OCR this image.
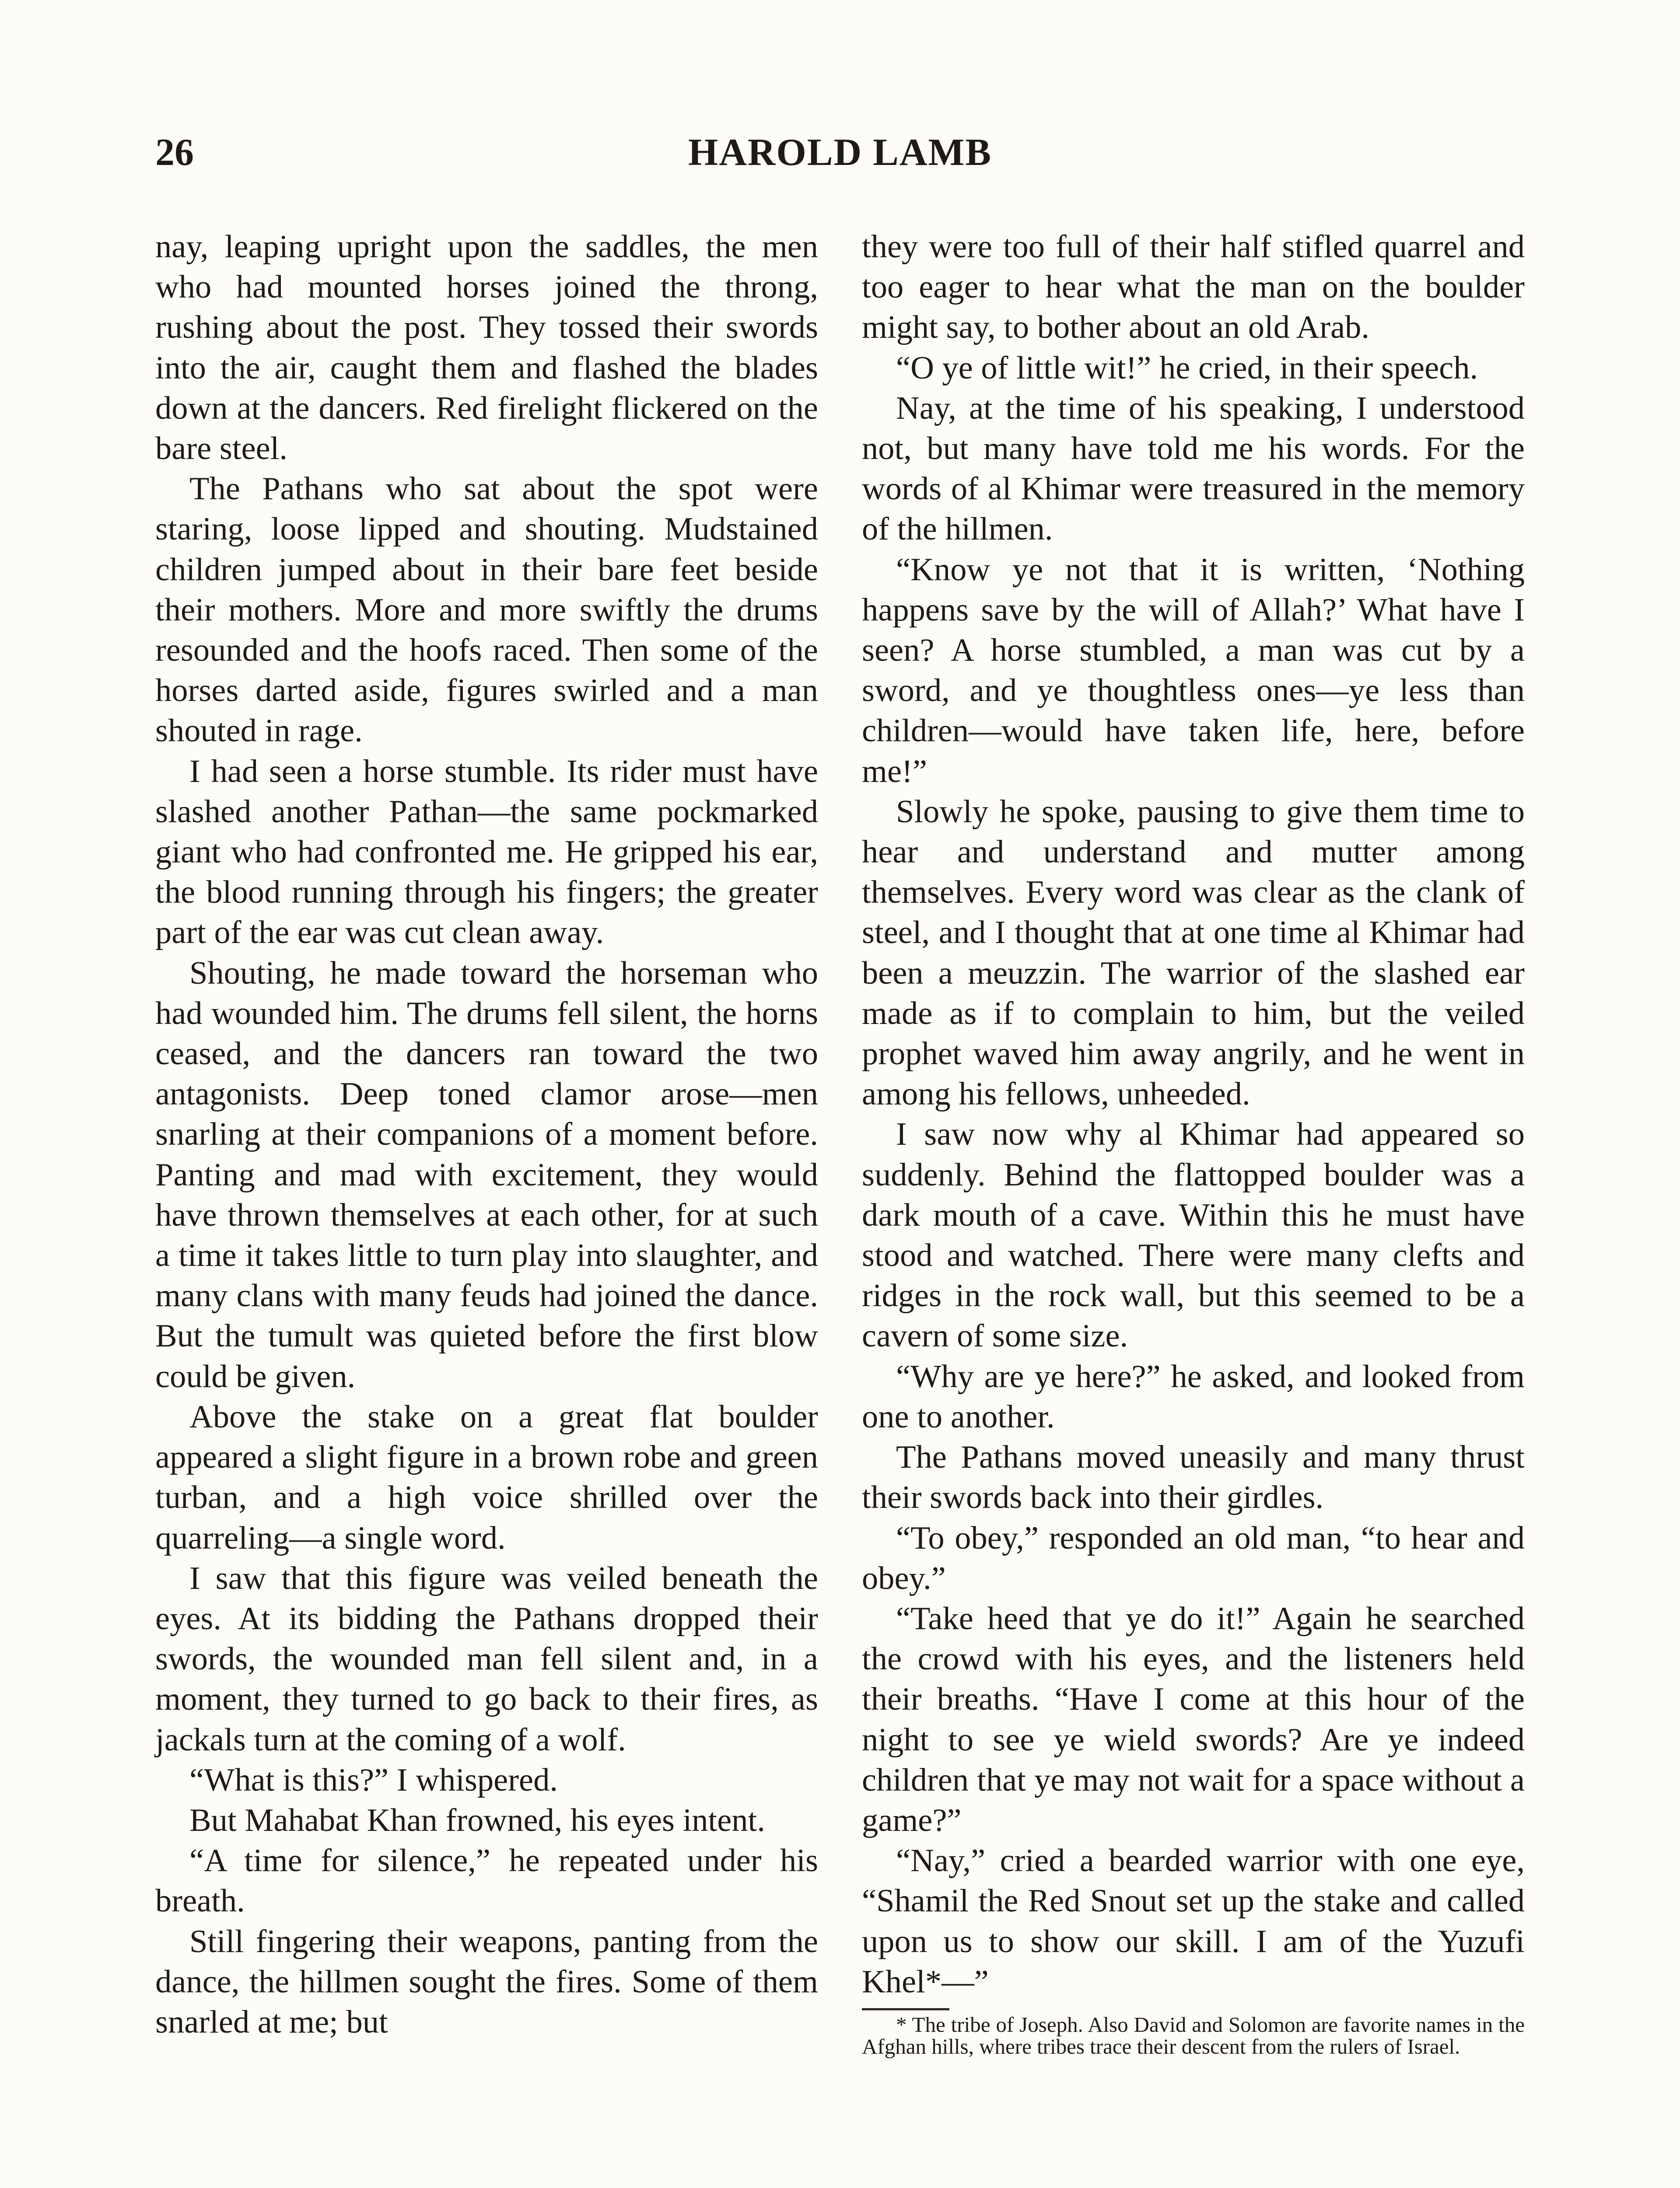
26	HAROLD LAMB

nay, leaping upright upon the saddles, the men who had mounted horses joined the throng, rushing about the post. They tossed their swords into the air, caught them and flashed the blades down at the dancers. Red firelight flickered on the bare steel.

The Pathans who sat about the spot were staring, loose lipped and shouting. Mudstained children jumped about in their bare feet beside their mothers. More and more swiftly the drums resounded and the hoofs raced. Then some of the horses darted aside, figures swirled and a man shouted in rage.

I had seen a horse stumble. Its rider must have slashed another Pathan—the same pockmarked giant who had confronted me. He gripped his ear, the blood running through his fingers; the greater part of the ear was cut clean away.

Shouting, he made toward the horseman who had wounded him. The drums fell silent, the horns ceased, and the dancers ran toward the two antagonists. Deep toned clamor arose—men snarling at their companions of a moment before. Panting and mad with excitement, they would have thrown themselves at each other, for at such a time it takes little to turn play into slaughter, and many clans with many feuds had joined the dance. But the tumult was quieted before the first blow could be given.

Above the stake on a great flat boulder appeared a slight figure in a brown robe and green turban, and a high voice shrilled over the quarreling—a single word.

I saw that this figure was veiled beneath the eyes. At its bidding the Pathans dropped their swords, the wounded man fell silent and, in a moment, they turned to go back to their fires, as jackals turn at the coming of a wolf.

“What is this?” I whispered.

But Mahabat Khan frowned, his eyes intent.

“A time for silence,” he repeated under his breath.

Still fingering their weapons, panting from the dance, the hillmen sought the fires. Some of them snarled at me; but

they were too full of their half stifled quarrel and too eager to hear what the man on the boulder might say, to bother about an old Arab.

“O ye of little wit!” he cried, in their speech.

Nay, at the time of his speaking, I understood not, but many have told me his words. For the words of al Khimar were treasured in the memory of the hillmen.

“Know ye not that it is written, ‘Nothing happens save by the will of Allah?’ What have I seen? A horse stumbled, a man was cut by a sword, and ye thoughtless ones—ye less than children—would have taken life, here, before me!”

Slowly he spoke, pausing to give them time to hear and understand and mutter among themselves. Every word was clear as the clank of steel, and I thought that at one time al Khimar had been a meuzzin. The warrior of the slashed ear made as if to complain to him, but the veiled prophet waved him away angrily, and he went in among his fellows, unheeded.

I saw now why al Khimar had appeared so suddenly. Behind the flattopped boulder was a dark mouth of a cave. Within this he must have stood and watched. There were many clefts and ridges in the rock wall, but this seemed to be a cavern of some size.

“Why are ye here?” he asked, and looked from one to another.

The Pathans moved uneasily and many thrust their swords back into their girdles.

“To obey,” responded an old man, “to hear and obey.”

“Take heed that ye do it!” Again he searched the crowd with his eyes, and the listeners held their breaths. “Have I come at this hour of the night to see ye wield swords? Are ye indeed children that ye may not wait for a space without a game?”

“Nay,” cried a bearded warrior with one eye, “Shamil the Red Snout set up the stake and called upon us to show our skill. I am of the Yuzufi Khel*—”

* The tribe of Joseph. Also David and Solomon are favorite names in the Afghan hills, where tribes trace their descent from the rulers of Israel.
